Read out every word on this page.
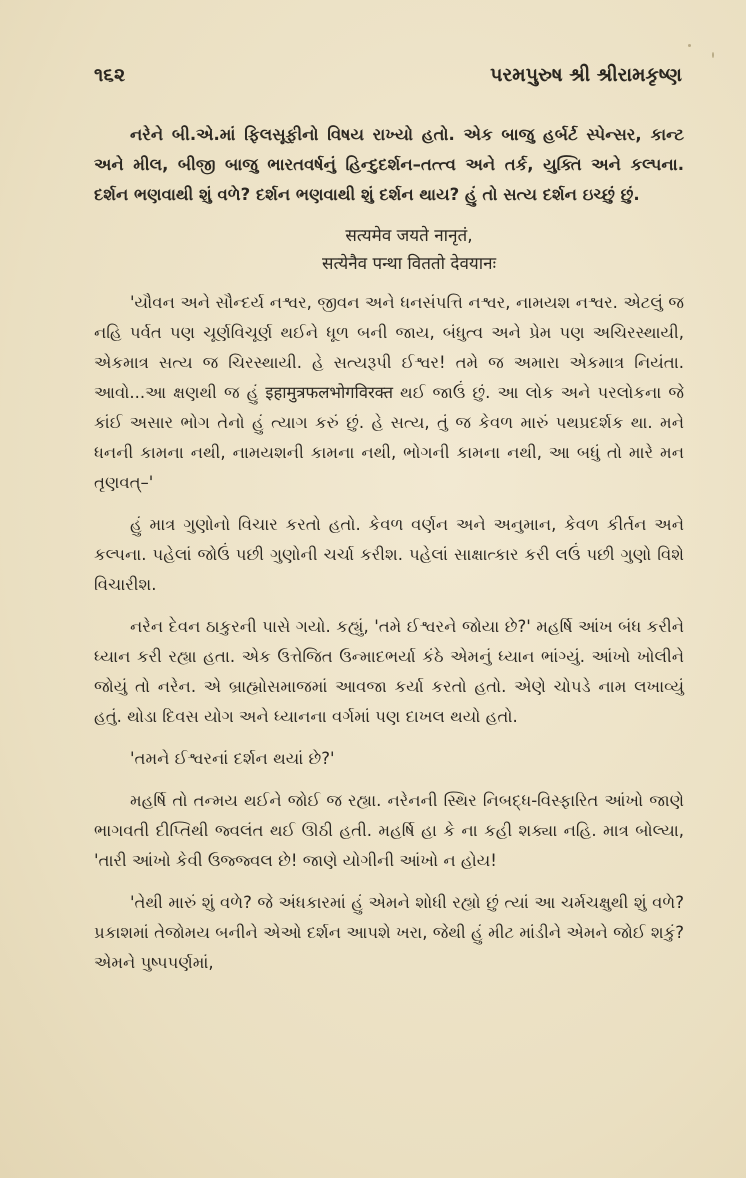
૧૬૨	પરમપુરુષ શ્રી શ્રીરામકૃષ્ણ

નરેને બી.એ.માં ફિલસૂફીનો વિષય રાખ્યો હતો. એક બાજુ હર્બર્ટ સ્પેન્સર, કાન્ટ અને મીલ, બીજી બાજુ ભારતવર્ષનું હિન્દુદર્શન–તત્ત્વ અને તર્ક, યુક્તિ અને કલ્પના. દર્શન ભણવાથી શું વળે? દર્શન ભણવાથી શું દર્શન થાય? હું તો સત્ય દર્શન ઇચ્છું છું.

सत्यमेव जयते नानृतं,
सत्येनैव पन्था विततो देवयानः

'યૌવન અને સૌન્દર્ય નશ્વર, જીવન અને ધનસંપત્તિ નશ્વર, નામયશ નશ્વર. એટલું જ નહિ પર્વત પણ ચૂર્ણવિચૂર્ણ થઈને ધૂળ બની જાય, બંધુત્વ અને પ્રેમ પણ અચિરસ્થાયી, એકમાત્ર સત્ય જ ચિરસ્થાયી. હે સત્યરૂપી ઈશ્વર! તમે જ અમારા એકમાત્ર નિયંતા. આવો...આ ક્ષણથી જ હું इहामुत्रफलभोगविरक्त થઈ જાઉં છું. આ લોક અને પરલોકના જે કાંઈ અસાર ભોગ તેનો હું ત્યાગ કરું છું. હે સત્ય, તું જ કેવળ મારું પથપ્રદર્શક થા. મને ધનની કામના નથી, નામયશની કામના નથી, ભોગની કામના નથી, આ બધું તો મારે મન તૃણવત્–'

હું માત્ર ગુણોનો વિચાર કરતો હતો. કેવળ વર્ણન અને અનુમાન, કેવળ કીર્તન અને કલ્પના. પહેલાં જોઉં પછી ગુણોની ચર્ચા કરીશ. પહેલાં સાક્ષાત્કાર કરી લઉં પછી ગુણો વિશે વિચારીશ.

નરેન દેવન ઠાકુરની પાસે ગયો. કહ્યું, 'તમે ઈશ્વરને જોયા છે?' મહર્ષિ આંખ બંધ કરીને ધ્યાન કરી રહ્યા હતા. એક ઉત્તેજિત ઉન્માદભર્યા કંઠે એમનું ધ્યાન ભાંગ્યું. આંખો ખોલીને જોયું તો નરેન. એ બ્રાહ્મોસમાજમાં આવજા કર્યા કરતો હતો. એણે ચોપડે નામ લખાવ્યું હતું. થોડા દિવસ યોગ અને ધ્યાનના વર્ગમાં પણ દાખલ થયો હતો.

'તમને ઈશ્વરનાં દર્શન થયાં છે?'

મહર્ષિ તો તન્મય થઈને જોઈ જ રહ્યા. નરેનની સ્થિર નિબદ્ધ-વિસ્ફારિત આંખો જાણે ભાગવતી દીપ્તિથી જ્વલંત થઈ ઊઠી હતી. મહર્ષિ હા કે ના કહી શક્યા નહિ. માત્ર બોલ્યા, 'તારી આંખો કેવી ઉજ્જ્વલ છે! જાણે યોગીની આંખો ન હોય!

'તેથી મારું શું વળે? જે અંધકારમાં હું એમને શોધી રહ્યો છું ત્યાં આ ચર્મચક્ષુથી શું વળે? પ્રકાશમાં તેજોમય બનીને એઓ દર્શન આપશે ખરા, જેથી હું મીટ માંડીને એમને જોઈ શકું? એમને પુષ્પપર્ણમાં,
